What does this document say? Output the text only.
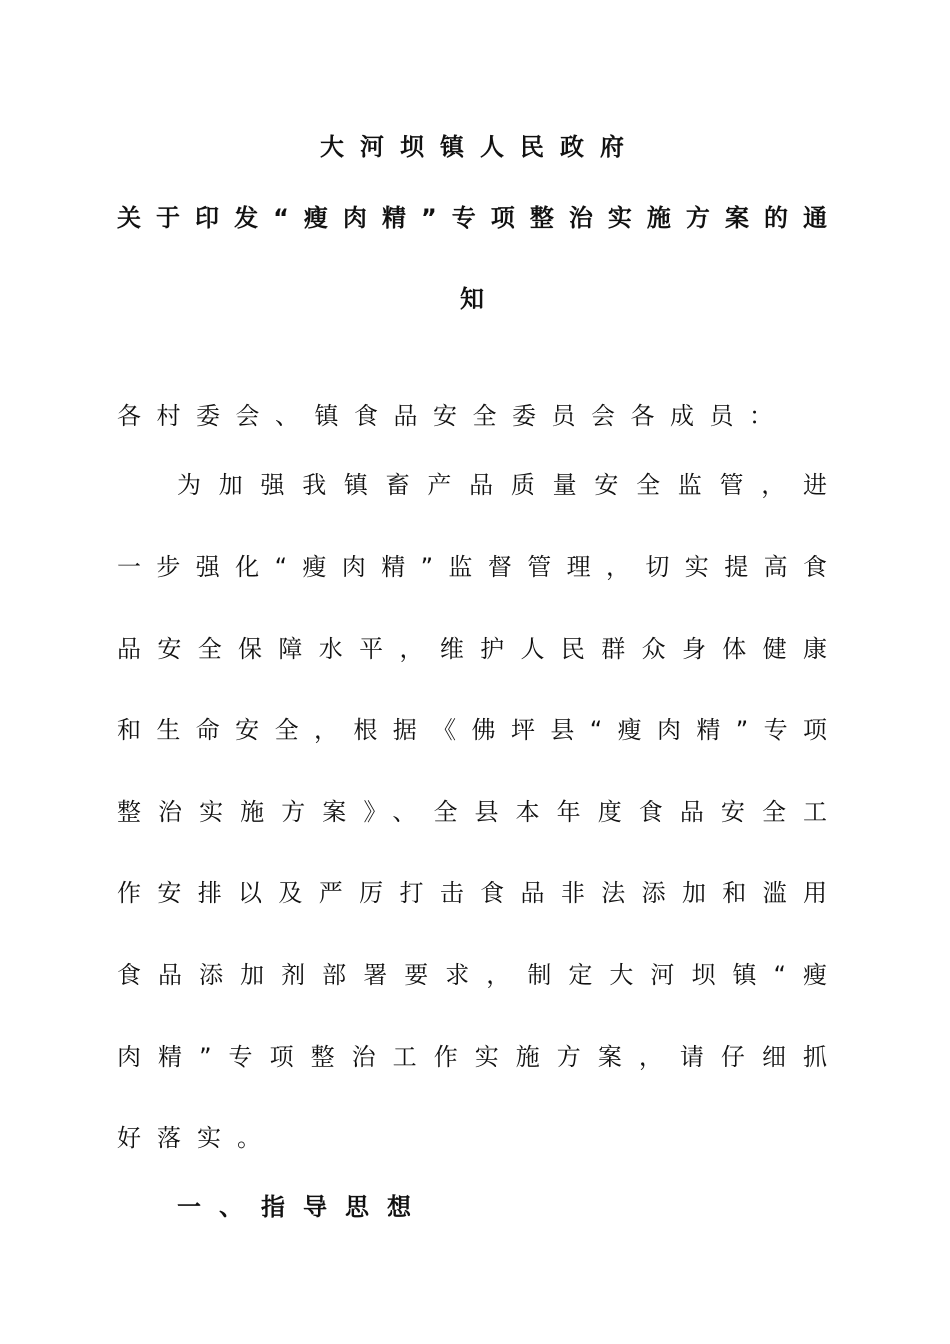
大河坝镇人民政府
关于印发“瘦肉精”专项整治实施方案的通
知
各村委会、镇食品安全委员会各成员：
为加强我镇畜产品质量安全监管，进
一步强化“瘦肉精”监督管理，切实提高食
品安全保障水平，维护人民群众身体健康
和生命安全，根据《佛坪县“瘦肉精”专项
整治实施方案》、全县本年度食品安全工
作安排以及严厉打击食品非法添加和滥用
食品添加剂部署要求，制定大河坝镇“瘦
肉精”专项整治工作实施方案，请仔细抓
好落实。
一、指导思想
